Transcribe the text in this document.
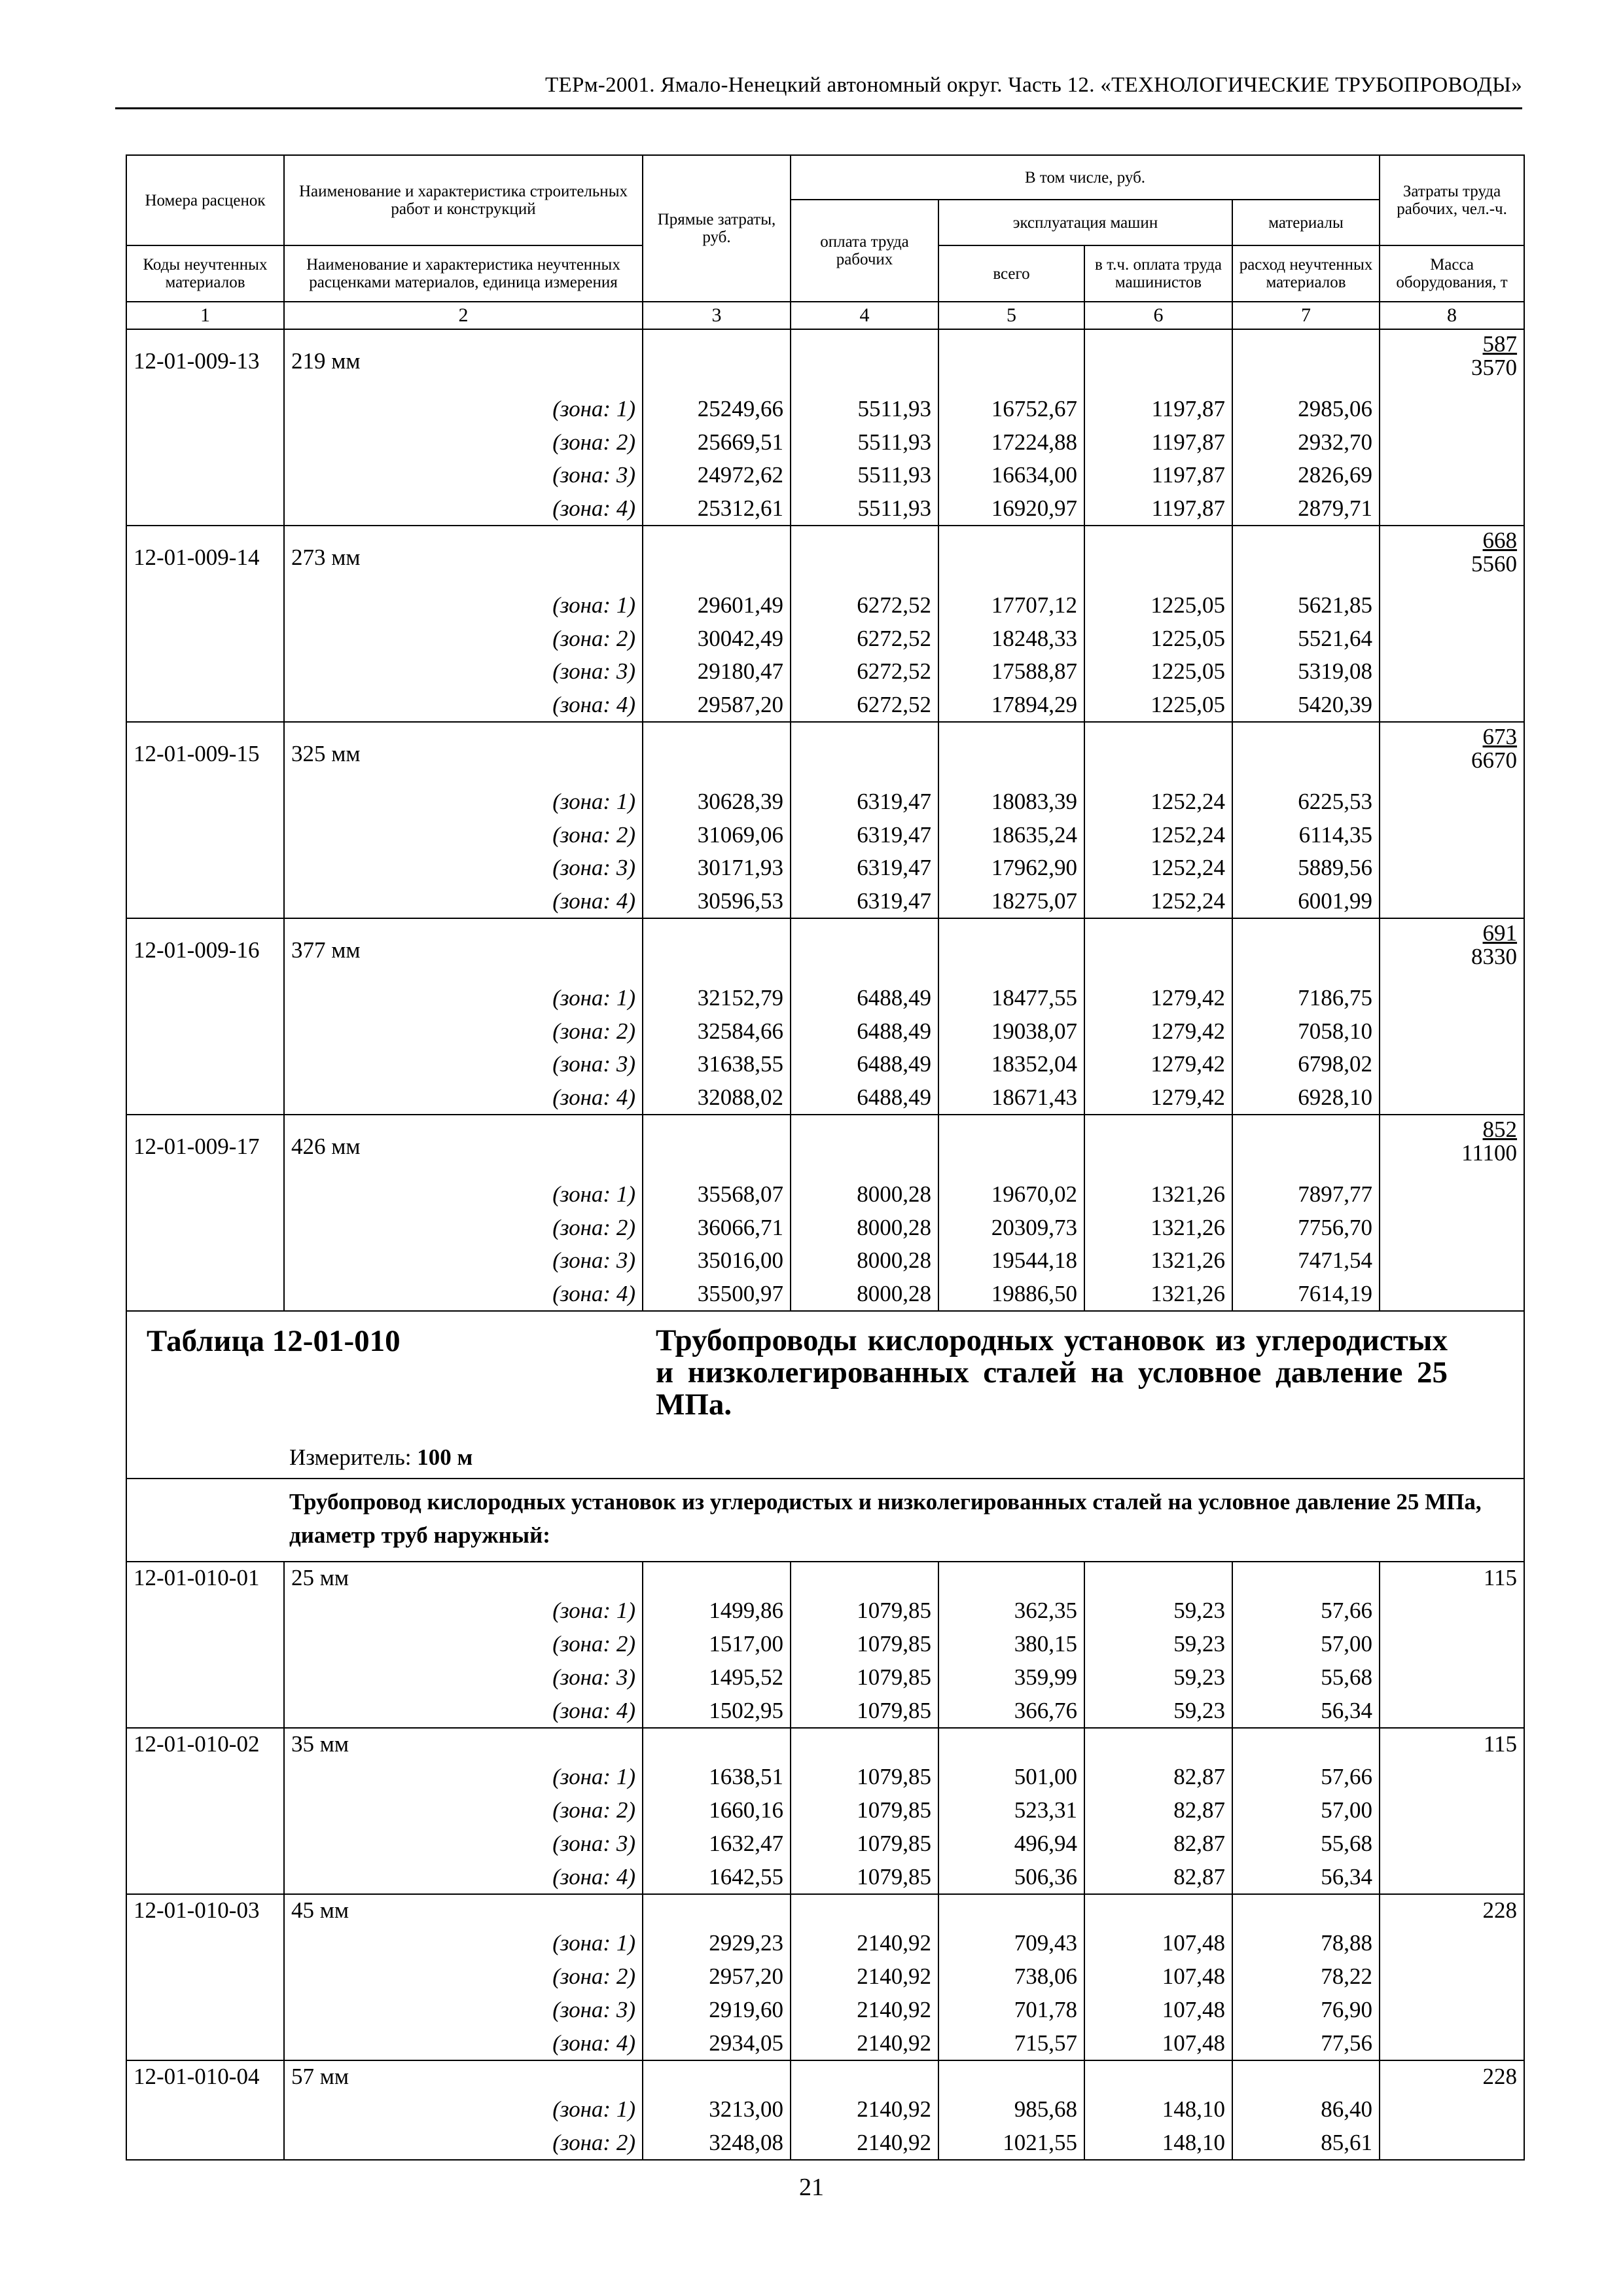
ТЕРм-2001. Ямало-Ненецкий автономный округ. Часть 12. «ТЕХНОЛОГИЧЕСКИЕ ТРУБОПРОВОДЫ»
Номера расценок	Наименование и характеристика строительных работ и конструкций	Прямые затраты, руб.	В том числе, руб.				Затраты труда рабочих, чел.-ч.
			оплата труда рабочих	эксплуатация машин		материалы	
Коды неучтенных материалов	Наименование и характеристика неучтенных расценками материалов, единица измерения			всего	в т.ч. оплата труда машинистов	расход неучтенных материалов	Масса оборудования, т
1	2	3	4	5	6	7	8
12-01-009-13	219 мм						$\frac{587}{3570}$

	(зона: 1)	25249,66	5511,93	16752,67	1197,87	2985,06	
	(зона: 2)	25669,51	5511,93	17224,88	1197,87	2932,70	
	(зона: 3)	24972,62	5511,93	16634,00	1197,87	2826,69	
	(зона: 4)	25312,61	5511,93	16920,97	1197,87	2879,71	
12-01-009-14	273 мм						$\frac{668}{5560}$

	(зона: 1)	29601,49	6272,52	17707,12	1225,05	5621,85	
	(зона: 2)	30042,49	6272,52	18248,33	1225,05	5521,64	
	(зона: 3)	29180,47	6272,52	17588,87	1225,05	5319,08	
	(зона: 4)	29587,20	6272,52	17894,29	1225,05	5420,39	
12-01-009-15	325 мм						$\frac{673}{6670}$

	(зона: 1)	30628,39	6319,47	18083,39	1252,24	6225,53	
	(зона: 2)	31069,06	6319,47	18635,24	1252,24	6114,35	
	(зона: 3)	30171,93	6319,47	17962,90	1252,24	5889,56	
	(зона: 4)	30596,53	6319,47	18275,07	1252,24	6001,99	
12-01-009-16	377 мм						$\frac{691}{8330}$

	(зона: 1)	32152,79	6488,49	18477,55	1279,42	7186,75	
	(зона: 2)	32584,66	6488,49	19038,07	1279,42	7058,10	
	(зона: 3)	31638,55	6488,49	18352,04	1279,42	6798,02	
	(зона: 4)	32088,02	6488,49	18671,43	1279,42	6928,10	
12-01-009-17	426 мм						$\frac{852}{11100}$

	(зона: 1)	35568,07	8000,28	19670,02	1321,26	7897,77	
	(зона: 2)	36066,71	8000,28	20309,73	1321,26	7756,70	
	(зона: 3)	35016,00	8000,28	19544,18	1321,26	7471,54	
	(зона: 4)	35500,97	8000,28	19886,50	1321,26	7614,19	

Таблица 12-01-010 Трубопроводы кислородных установок из углеродистых и низколегированных сталей на условное давление 25 МПа.
Измеритель: 100 м							

Трубопровод кислородных установок из углеродистых и низколегированных сталей на условное давление 25 МПа, диаметр труб наружный:							
12-01-010-01	25 мм						115
	(зона: 1)	1499,86	1079,85	362,35	59,23	57,66	
	(зона: 2)	1517,00	1079,85	380,15	59,23	57,00	
	(зона: 3)	1495,52	1079,85	359,99	59,23	55,68	
	(зона: 4)	1502,95	1079,85	366,76	59,23	56,34	
12-01-010-02	35 мм						115
	(зона: 1)	1638,51	1079,85	501,00	82,87	57,66	
	(зона: 2)	1660,16	1079,85	523,31	82,87	57,00	
	(зона: 3)	1632,47	1079,85	496,94	82,87	55,68	
	(зона: 4)	1642,55	1079,85	506,36	82,87	56,34	
12-01-010-03	45 мм						228
	(зона: 1)	2929,23	2140,92	709,43	107,48	78,88	
	(зона: 2)	2957,20	2140,92	738,06	107,48	78,22	
	(зона: 3)	2919,60	2140,92	701,78	107,48	76,90	
	(зона: 4)	2934,05	2140,92	715,57	107,48	77,56	
12-01-010-04	57 мм						228
	(зона: 1)	3213,00	2140,92	985,68	148,10	86,40	
	(зона: 2)	3248,08	2140,92	1021,55	148,10	85,61	
21
